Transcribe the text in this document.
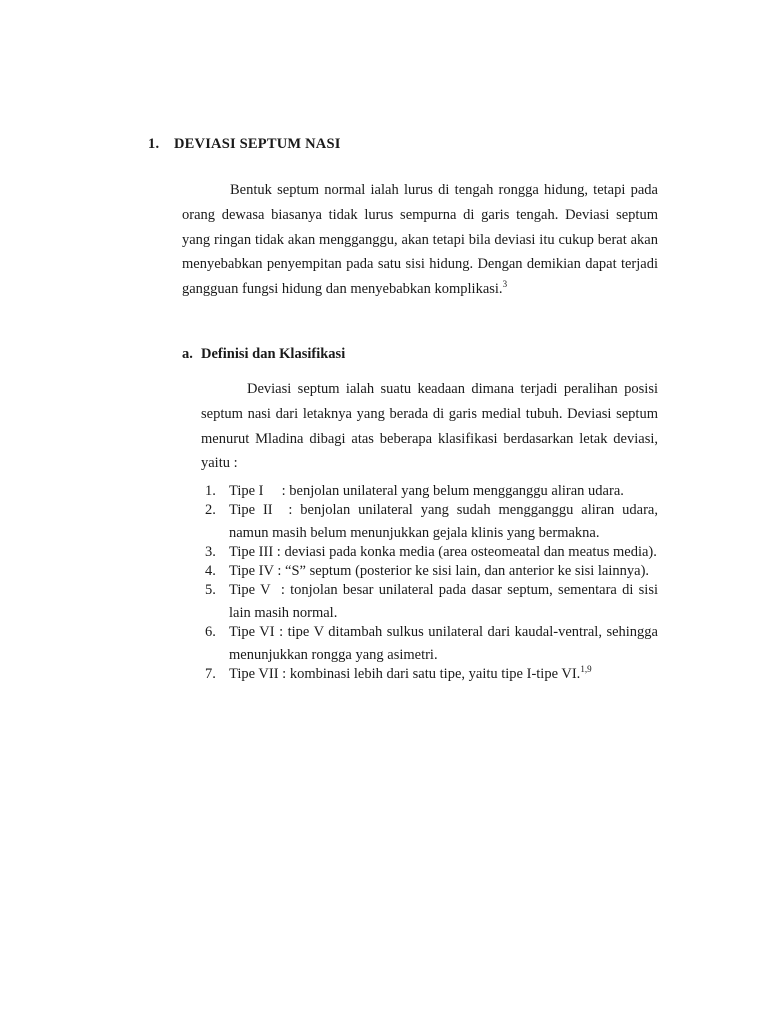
1. DEVIASI SEPTUM NASI

Bentuk septum normal ialah lurus di tengah rongga hidung, tetapi pada orang dewasa biasanya tidak lurus sempurna di garis tengah. Deviasi septum yang ringan tidak akan mengganggu, akan tetapi bila deviasi itu cukup berat akan menyebabkan penyempitan pada satu sisi hidung. Dengan demikian dapat terjadi gangguan fungsi hidung dan menyebabkan komplikasi.$^3$

a. Definisi dan Klasifikasi

Deviasi septum ialah suatu keadaan dimana terjadi peralihan posisi septum nasi dari letaknya yang berada di garis medial tubuh. Deviasi septum menurut Mladina dibagi atas beberapa klasifikasi berdasarkan letak deviasi, yaitu :

1. Tipe I     : benjolan unilateral yang belum mengganggu aliran udara.
2. Tipe II  : benjolan unilateral yang sudah mengganggu aliran udara, namun masih belum menunjukkan gejala klinis yang bermakna.
3. Tipe III : deviasi pada konka media (area osteomeatal dan meatus media).
4. Tipe IV : “S” septum (posterior ke sisi lain, dan anterior ke sisi lainnya).
5. Tipe V  : tonjolan besar unilateral pada dasar septum, sementara di sisi lain masih normal.
6. Tipe VI : tipe V ditambah sulkus unilateral dari kaudal-ventral, sehingga menunjukkan rongga yang asimetri.
7. Tipe VII : kombinasi lebih dari satu tipe, yaitu tipe I-tipe VI.$^{1,9}$
